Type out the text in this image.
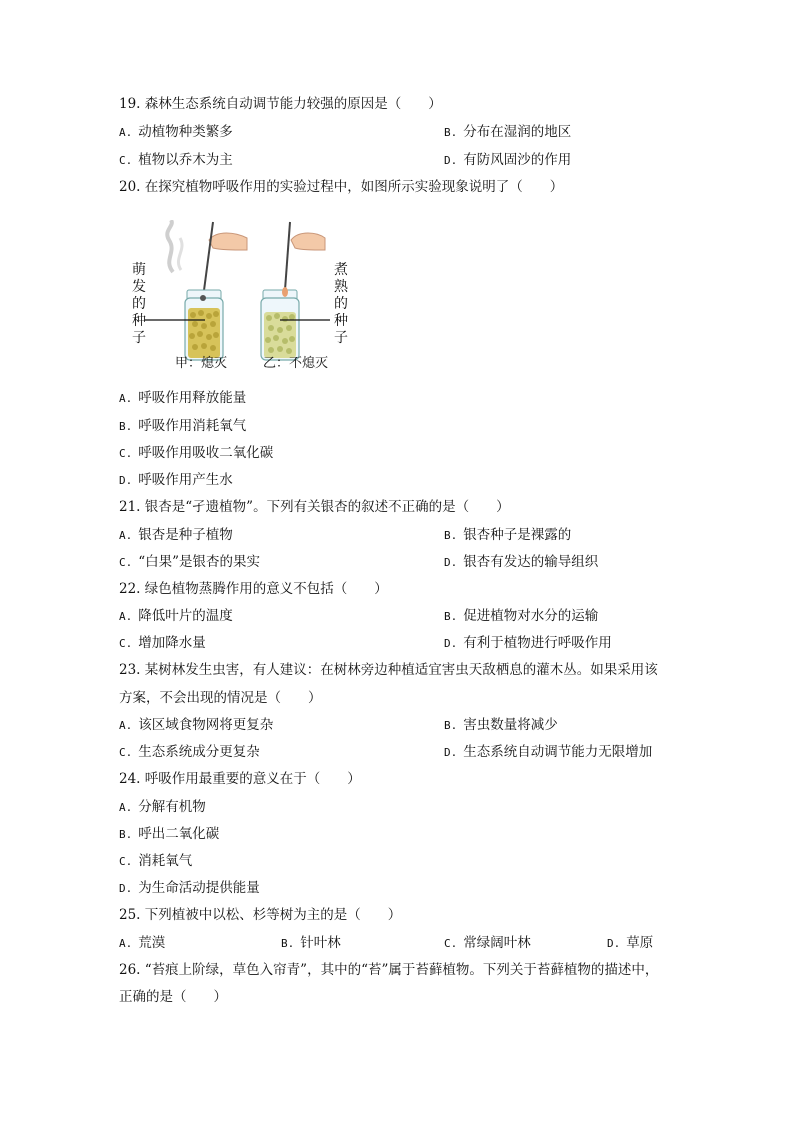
19. 森林生态系统自动调节能力较强的原因是（　　）
A. 动植物种类繁多	B. 分布在湿润的地区
C. 植物以乔木为主	D. 有防风固沙的作用
20. 在探究植物呼吸作用的实验过程中，如图所示实验现象说明了（　　）
萌发的种子
煮熟的种子
甲：熄灭	乙：不熄灭
A. 呼吸作用释放能量
B. 呼吸作用消耗氧气
C. 呼吸作用吸收二氧化碳
D. 呼吸作用产生水
21. 银杏是“孑遗植物”。下列有关银杏的叙述不正确的是（　　）
A. 银杏是种子植物	B. 银杏种子是裸露的
C. “白果”是银杏的果实	D. 银杏有发达的输导组织
22. 绿色植物蒸腾作用的意义不包括（　　）
A. 降低叶片的温度	B. 促进植物对水分的运输
C. 增加降水量	D. 有利于植物进行呼吸作用
23. 某树林发生虫害，有人建议：在树林旁边种植适宜害虫天敌栖息的灌木丛。如果采用该
方案，不会出现的情况是（　　）
A. 该区域食物网将更复杂	B. 害虫数量将减少
C. 生态系统成分更复杂	D. 生态系统自动调节能力无限增加
24. 呼吸作用最重要的意义在于（　　）
A. 分解有机物
B. 呼出二氧化碳
C. 消耗氧气
D. 为生命活动提供能量
25. 下列植被中以松、杉等树为主的是（　　）
A. 荒漠	B. 针叶林	C. 常绿阔叶林	D. 草原
26. “苔痕上阶绿，草色入帘青”，其中的“苔”属于苔藓植物。下列关于苔藓植物的描述中，
正确的是（　　）
